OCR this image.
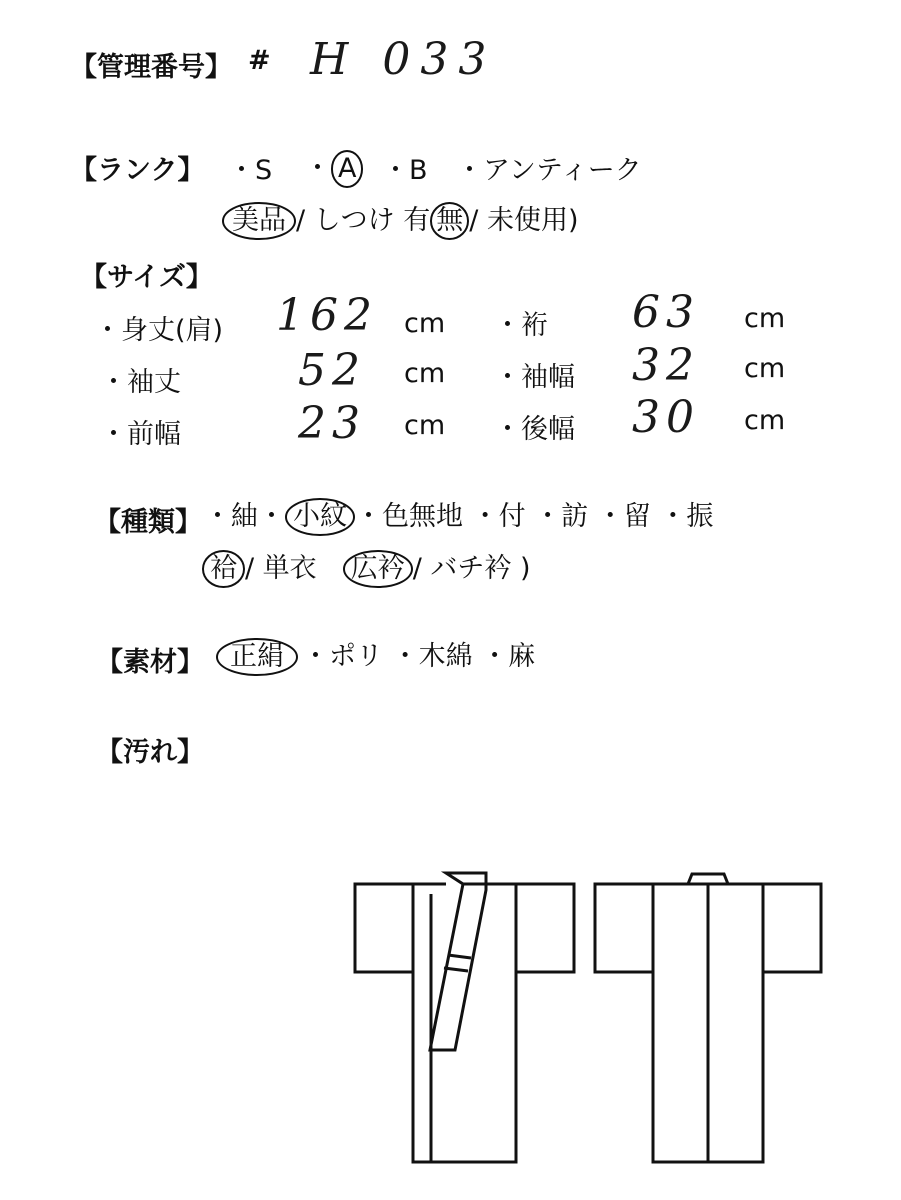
【管理番号】 # H 033
【ランク】 ・S ・ A ・B ・アンティーク
美品 / しつけ 有 無 / 未使用)
【サイズ】
・身丈(肩) 162 cm ・裄 63 cm
・袖丈	52 cm ・袖幅 32 cm
・前幅	23 cm ・後幅 30 cm
【種類】 ・紬・ 小紋 ・色無地 ・付 ・訪 ・留 ・振
袷 / 単衣 広衿 / バチ衿 )
【素材】 正絹 ・ポリ ・木綿 ・麻
【汚れ】
